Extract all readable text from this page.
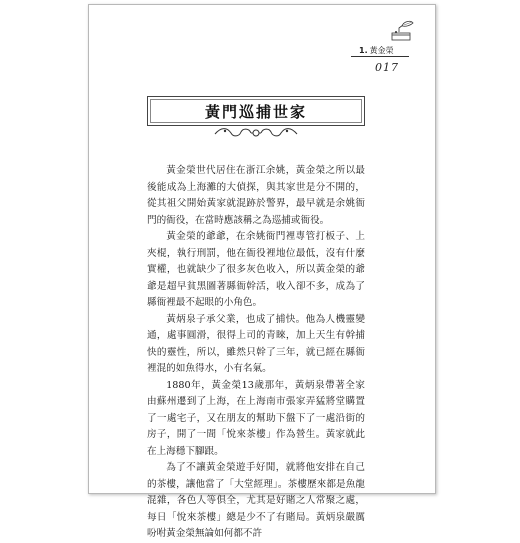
1. 黃金榮
017
黃門巡捕世家

黃金榮世代居住在浙江余姚，黃金榮之所以最後能成為上海灘的大偵探，與其家世是分不開的，從其祖父開始黃家就混跡於警界，最早就是余姚衙門的衙役，在當時應該稱之為巡捕或衙役。

黃金榮的爺爺，在余姚衙門裡專管打板子、上夾棍，執行刑罰，他在衙役裡地位最低，沒有什麼實權，也就缺少了很多灰色收入，所以黃金榮的爺爺是超早貧黑圖著縣衙幹活，收入卻不多，成為了縣衙裡最不起眼的小角色。

黃炳泉子承父業，也成了捕快。他為人機靈變通，處事圓滑，很得上司的青睞，加上天生有幹捕快的靈性，所以，雖然只幹了三年，就已經在縣衙裡混的如魚得水，小有名氣。

1880年，黃金榮13歲那年，黃炳泉帶著全家由蘇州遷到了上海，在上海南市張家弄猛將堂購置了一處宅子，又在朋友的幫助下盤下了一處沿街的房子，開了一間「悅來茶樓」作為營生。黃家就此在上海穩下腳跟。

為了不讓黃金榮遊手好閒，就將他安排在自己的茶樓，讓他當了「大堂經理」。茶樓歷來都是魚龍混雜，各色人等俱全，尤其是好賭之人常聚之處，每日「悅來茶樓」總是少不了有賭局。黃炳泉嚴厲吩咐黃金榮無論如何都不許
